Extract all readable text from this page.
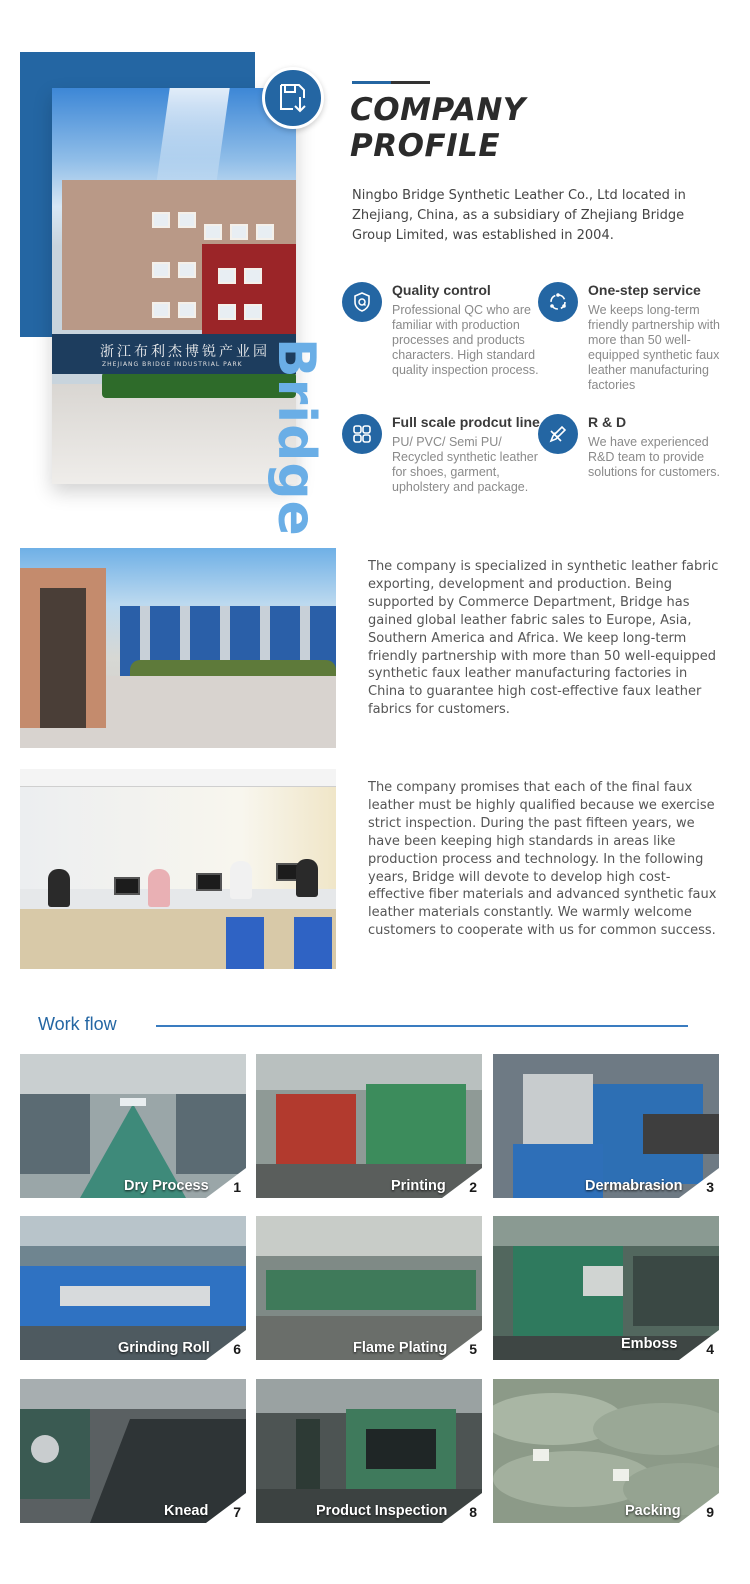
浙江布利杰博锐产业园
ZHEJIANG BRIDGE INDUSTRIAL PARK Bridge
COMPANY
PROFILE

Ningbo Bridge Synthetic Leather Co., Ltd located in Zhejiang, China, as a subsidiary of Zhejiang Bridge Group Limited, was established in 2004.

Quality control
Professional QC who are familiar with production processes and products characters. High standard quality inspection process.
One-step service
We keeps long-term friendly partnership with more than 50 well-equipped synthetic faux leather manufacturing factories
Full scale prodcut line
PU/ PVC/ Semi PU/ Recycled synthetic leather for shoes, garment, upholstery and package.
R & D
We have experienced R&D team to provide solutions for customers.

The company is specialized in synthetic leather fabric exporting, development and production. Being supported by Commerce Department, Bridge has gained global leather fabric sales to Europe, Asia, Southern America and Africa. We keep long-term friendly partnership with more than 50 well-equipped synthetic faux leather manufacturing factories in China to guarantee high cost-effective faux leather fabrics for customers.

The company promises that each of the final faux leather must be highly qualified because we exercise strict inspection. During the past fifteen years, we have been keeping high standards in areas like production process and technology. In the following years, Bridge will devote to develop high cost-effective fiber materials and advanced synthetic faux leather materials constantly. We warmly welcome customers to cooperate with us for common success.

Work flow
Dry Process 1	Printing 2	Dermabrasion 3
Grinding Roll 6	Flame Plating 5	Emboss 4
Knead 7	Product Inspection 8	Packing 9
